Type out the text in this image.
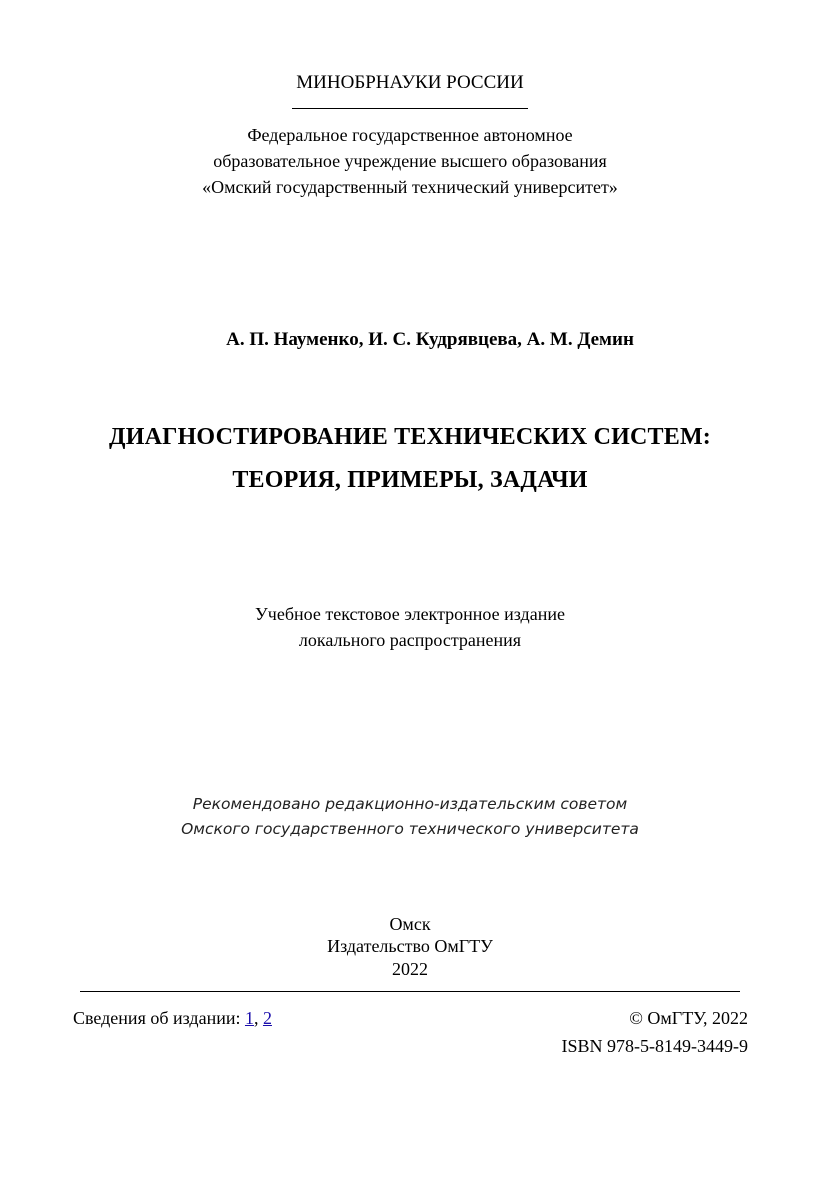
МИНОБРНАУКИ РОССИИ
Федеральное государственное автономное
образовательное учреждение высшего образования
«Омский государственный технический университет»
А. П. Науменко, И. С. Кудрявцева, А. М. Демин
ДИАГНОСТИРОВАНИЕ ТЕХНИЧЕСКИХ СИСТЕМ:
ТЕОРИЯ, ПРИМЕРЫ, ЗАДАЧИ
Учебное текстовое электронное издание
локального распространения
Рекомендовано редакционно-издательским советом
Омского государственного технического университета
Омск
Издательство ОмГТУ
2022
Сведения об издании: 1, 2	© ОмГТУ, 2022
ISBN 978-5-8149-3449-9
